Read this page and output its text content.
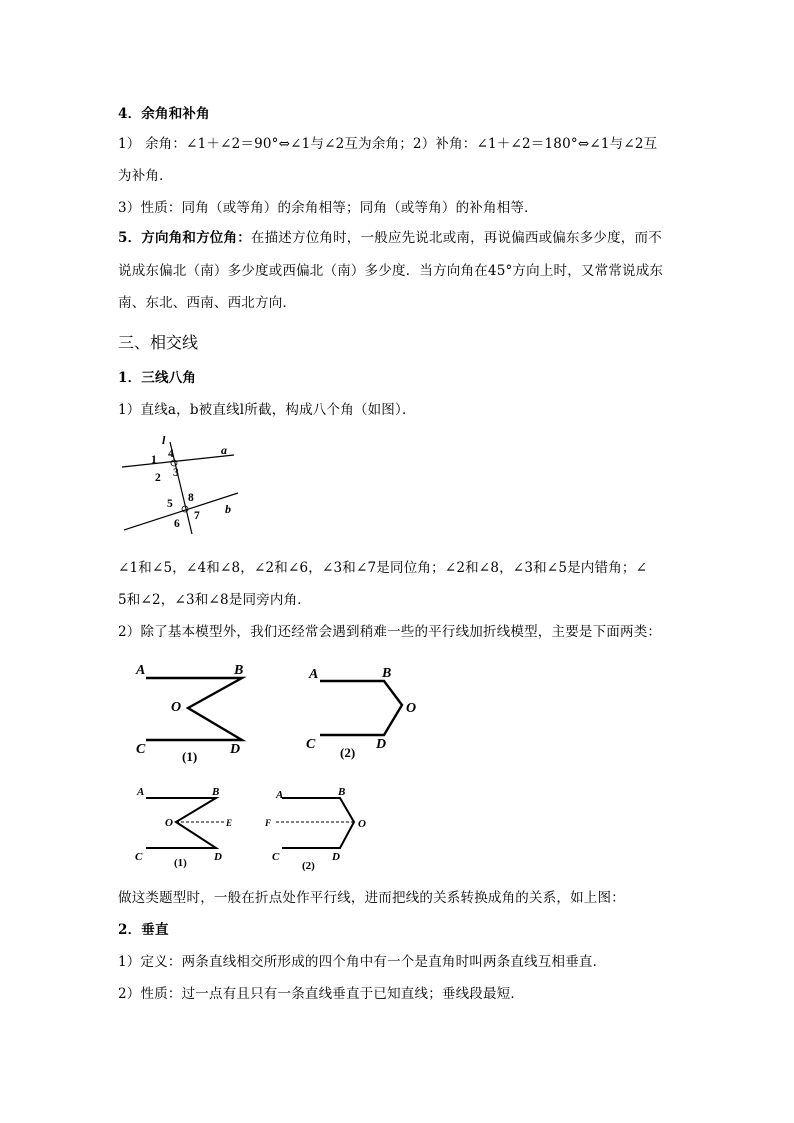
4．余角和补角
1） 余角：∠1＋∠2＝90°⇔∠1与∠2互为余角；2）补角：∠1＋∠2＝180°⇔∠1与∠2互
为补角．
3）性质：同角（或等角）的余角相等；同角（或等角）的补角相等．
5．方向角和方位角：在描述方位角时，一般应先说北或南，再说偏西或偏东多少度，而不
说成东偏北（南）多少度或西偏北（南）多少度．当方向角在45°方向上时，又常常说成东
南、东北、西南、西北方向．
三、相交线
1．三线八角
1）直线a，b被直线l所截，构成八个角（如图）．
l
a
b
1 4
2 3
5 8
6
7
∠1和∠5，∠4和∠8，∠2和∠6，∠3和∠7是同位角；∠2和∠8，∠3和∠5是内错角；∠
5和∠2，∠3和∠8是同旁内角．
2）除了基本模型外，我们还经常会遇到稍难一些的平行线加折线模型，主要是下面两类：
A	B
O
C	D
(1)
A	B
O
C	D
(2)
A	B
O	E
C	D
(1)
A	B
F	O
C	D
(2)
做这类题型时，一般在折点处作平行线，进而把线的关系转换成角的关系，如上图：
2．垂直
1）定义：两条直线相交所形成的四个角中有一个是直角时叫两条直线互相垂直．
2）性质：过一点有且只有一条直线垂直于已知直线；垂线段最短．
